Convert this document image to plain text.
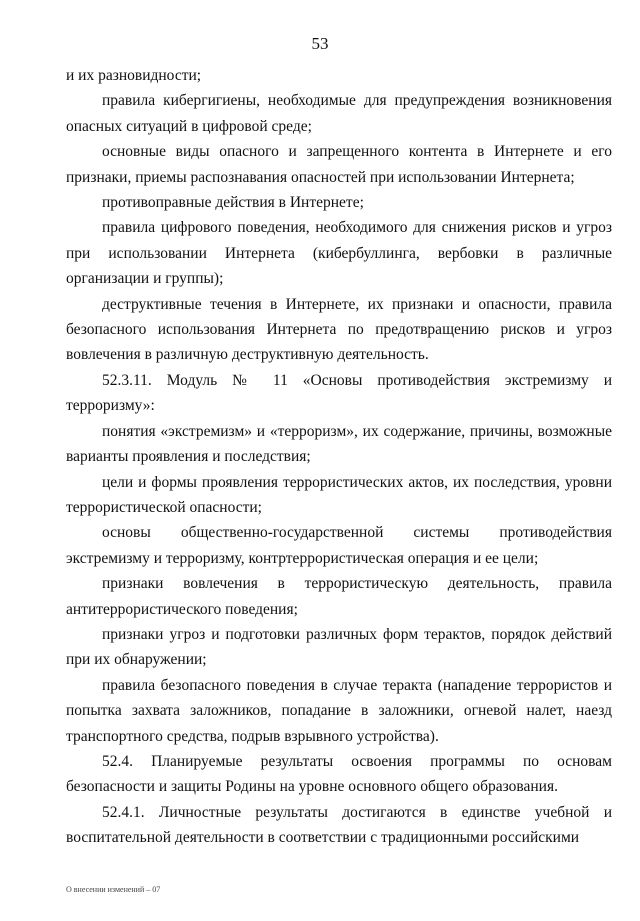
53

и их разновидности;

правила кибергигиены, необходимые для предупреждения возникновения опасных ситуаций в цифровой среде;

основные виды опасного и запрещенного контента в Интернете и его признаки, приемы распознавания опасностей при использовании Интернета;

противоправные действия в Интернете;

правила цифрового поведения, необходимого для снижения рисков и угроз при использовании Интернета (кибербуллинга, вербовки в различные организации и группы);

деструктивные течения в Интернете, их признаки и опасности, правила безопасного использования Интернета по предотвращению рисков и угроз вовлечения в различную деструктивную деятельность.

52.3.11. Модуль № 11 «Основы противодействия экстремизму и терроризму»:

понятия «экстремизм» и «терроризм», их содержание, причины, возможные варианты проявления и последствия;

цели и формы проявления террористических актов, их последствия, уровни террористической опасности;

основы общественно-государственной системы противодействия экстремизму и терроризму, контртеррористическая операция и ее цели;

признаки вовлечения в террористическую деятельность, правила антитеррористического поведения;

признаки угроз и подготовки различных форм терактов, порядок действий при их обнаружении;

правила безопасного поведения в случае теракта (нападение террористов и попытка захвата заложников, попадание в заложники, огневой налет, наезд транспортного средства, подрыв взрывного устройства).

52.4. Планируемые результаты освоения программы по основам безопасности и защиты Родины на уровне основного общего образования.

52.4.1. Личностные результаты достигаются в единстве учебной и воспитательной деятельности в соответствии с традиционными российскими

О внесении изменений – 07
